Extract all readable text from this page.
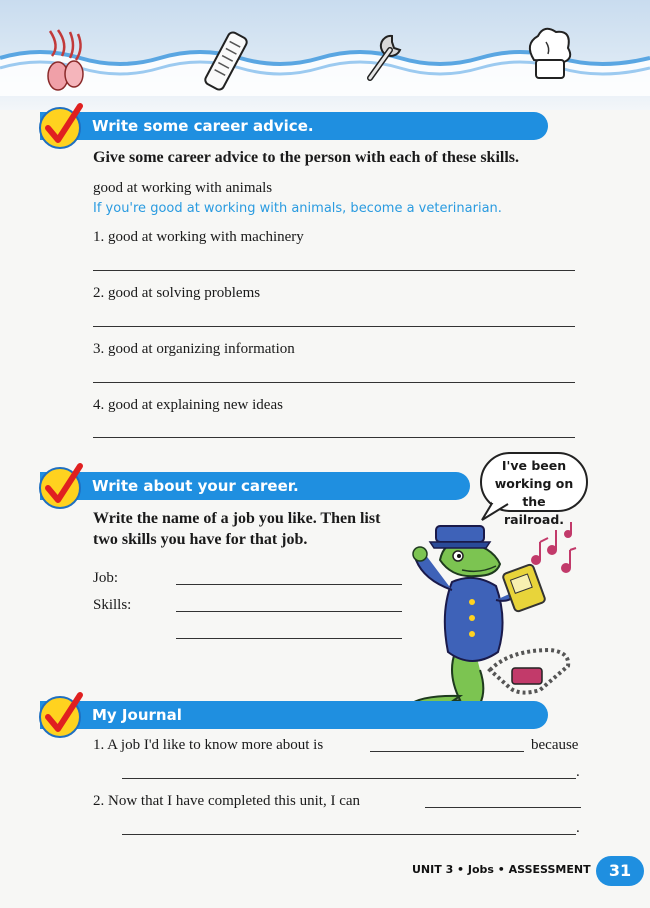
Write some career advice.
Give some career advice to the person with each of these skills.
good at working with animals
If you're good at working with animals, become a veterinarian.
1. good at working with machinery
2. good at solving problems
3. good at organizing information
4. good at explaining new ideas
Write about your career.
I've been
working on the
railroad.
Write the name of a job you like. Then list
two skills you have for that job.
Job:
Skills:
My Journal
1. A job I'd like to know more about is	because
.
2. Now that I have completed this unit, I can
.
UNIT 3 • Jobs • ASSESSMENT	31
